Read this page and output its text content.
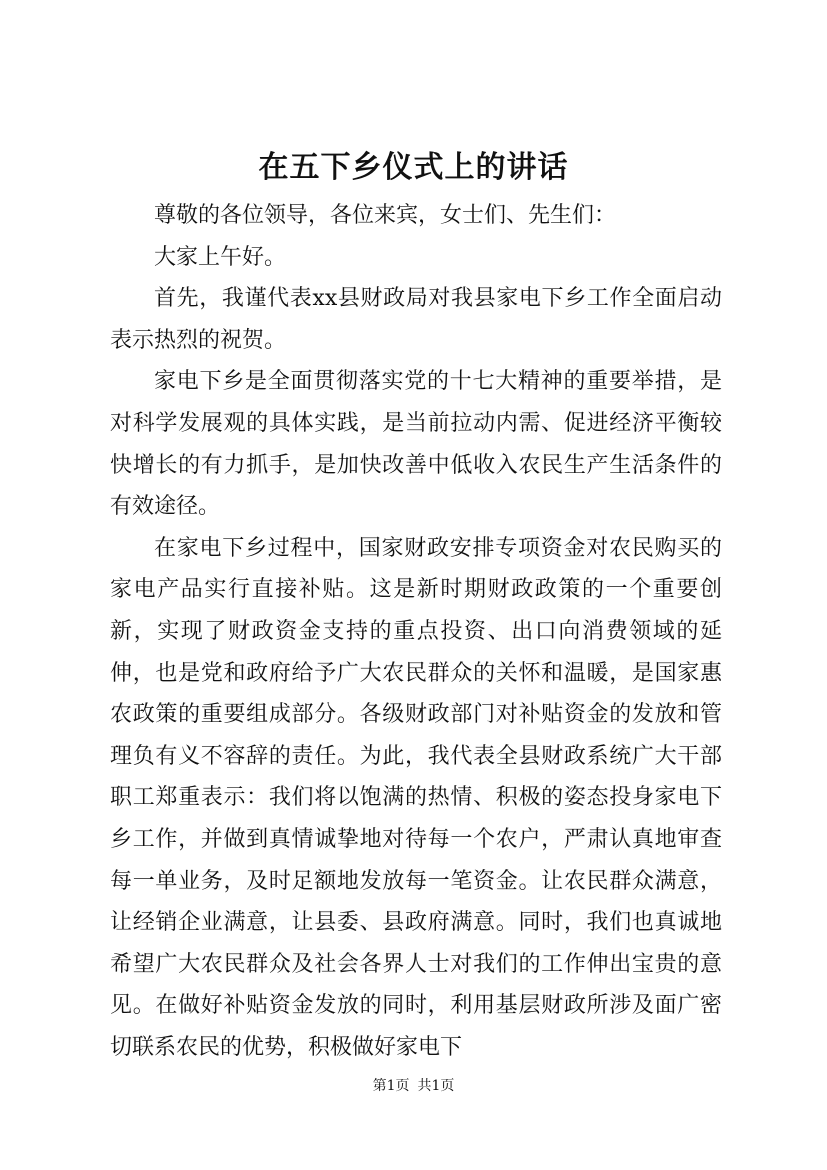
在五下乡仪式上的讲话

尊敬的各位领导，各位来宾，女士们、先生们：

大家上午好。

首先，我谨代表xx县财政局对我县家电下乡工作全面启动表示热烈的祝贺。

家电下乡是全面贯彻落实党的十七大精神的重要举措，是对科学发展观的具体实践，是当前拉动内需、促进经济平衡较快增长的有力抓手，是加快改善中低收入农民生产生活条件的有效途径。

在家电下乡过程中，国家财政安排专项资金对农民购买的家电产品实行直接补贴。这是新时期财政政策的一个重要创新，实现了财政资金支持的重点投资、出口向消费领域的延伸，也是党和政府给予广大农民群众的关怀和温暖，是国家惠农政策的重要组成部分。各级财政部门对补贴资金的发放和管理负有义不容辞的责任。为此，我代表全县财政系统广大干部职工郑重表示：我们将以饱满的热情、积极的姿态投身家电下乡工作，并做到真情诚挚地对待每一个农户，严肃认真地审查每一单业务，及时足额地发放每一笔资金。让农民群众满意，让经销企业满意，让县委、县政府满意。同时，我们也真诚地希望广大农民群众及社会各界人士对我们的工作伸出宝贵的意见。在做好补贴资金发放的同时，利用基层财政所涉及面广密切联系农民的优势，积极做好家电下

第1页 共1页
